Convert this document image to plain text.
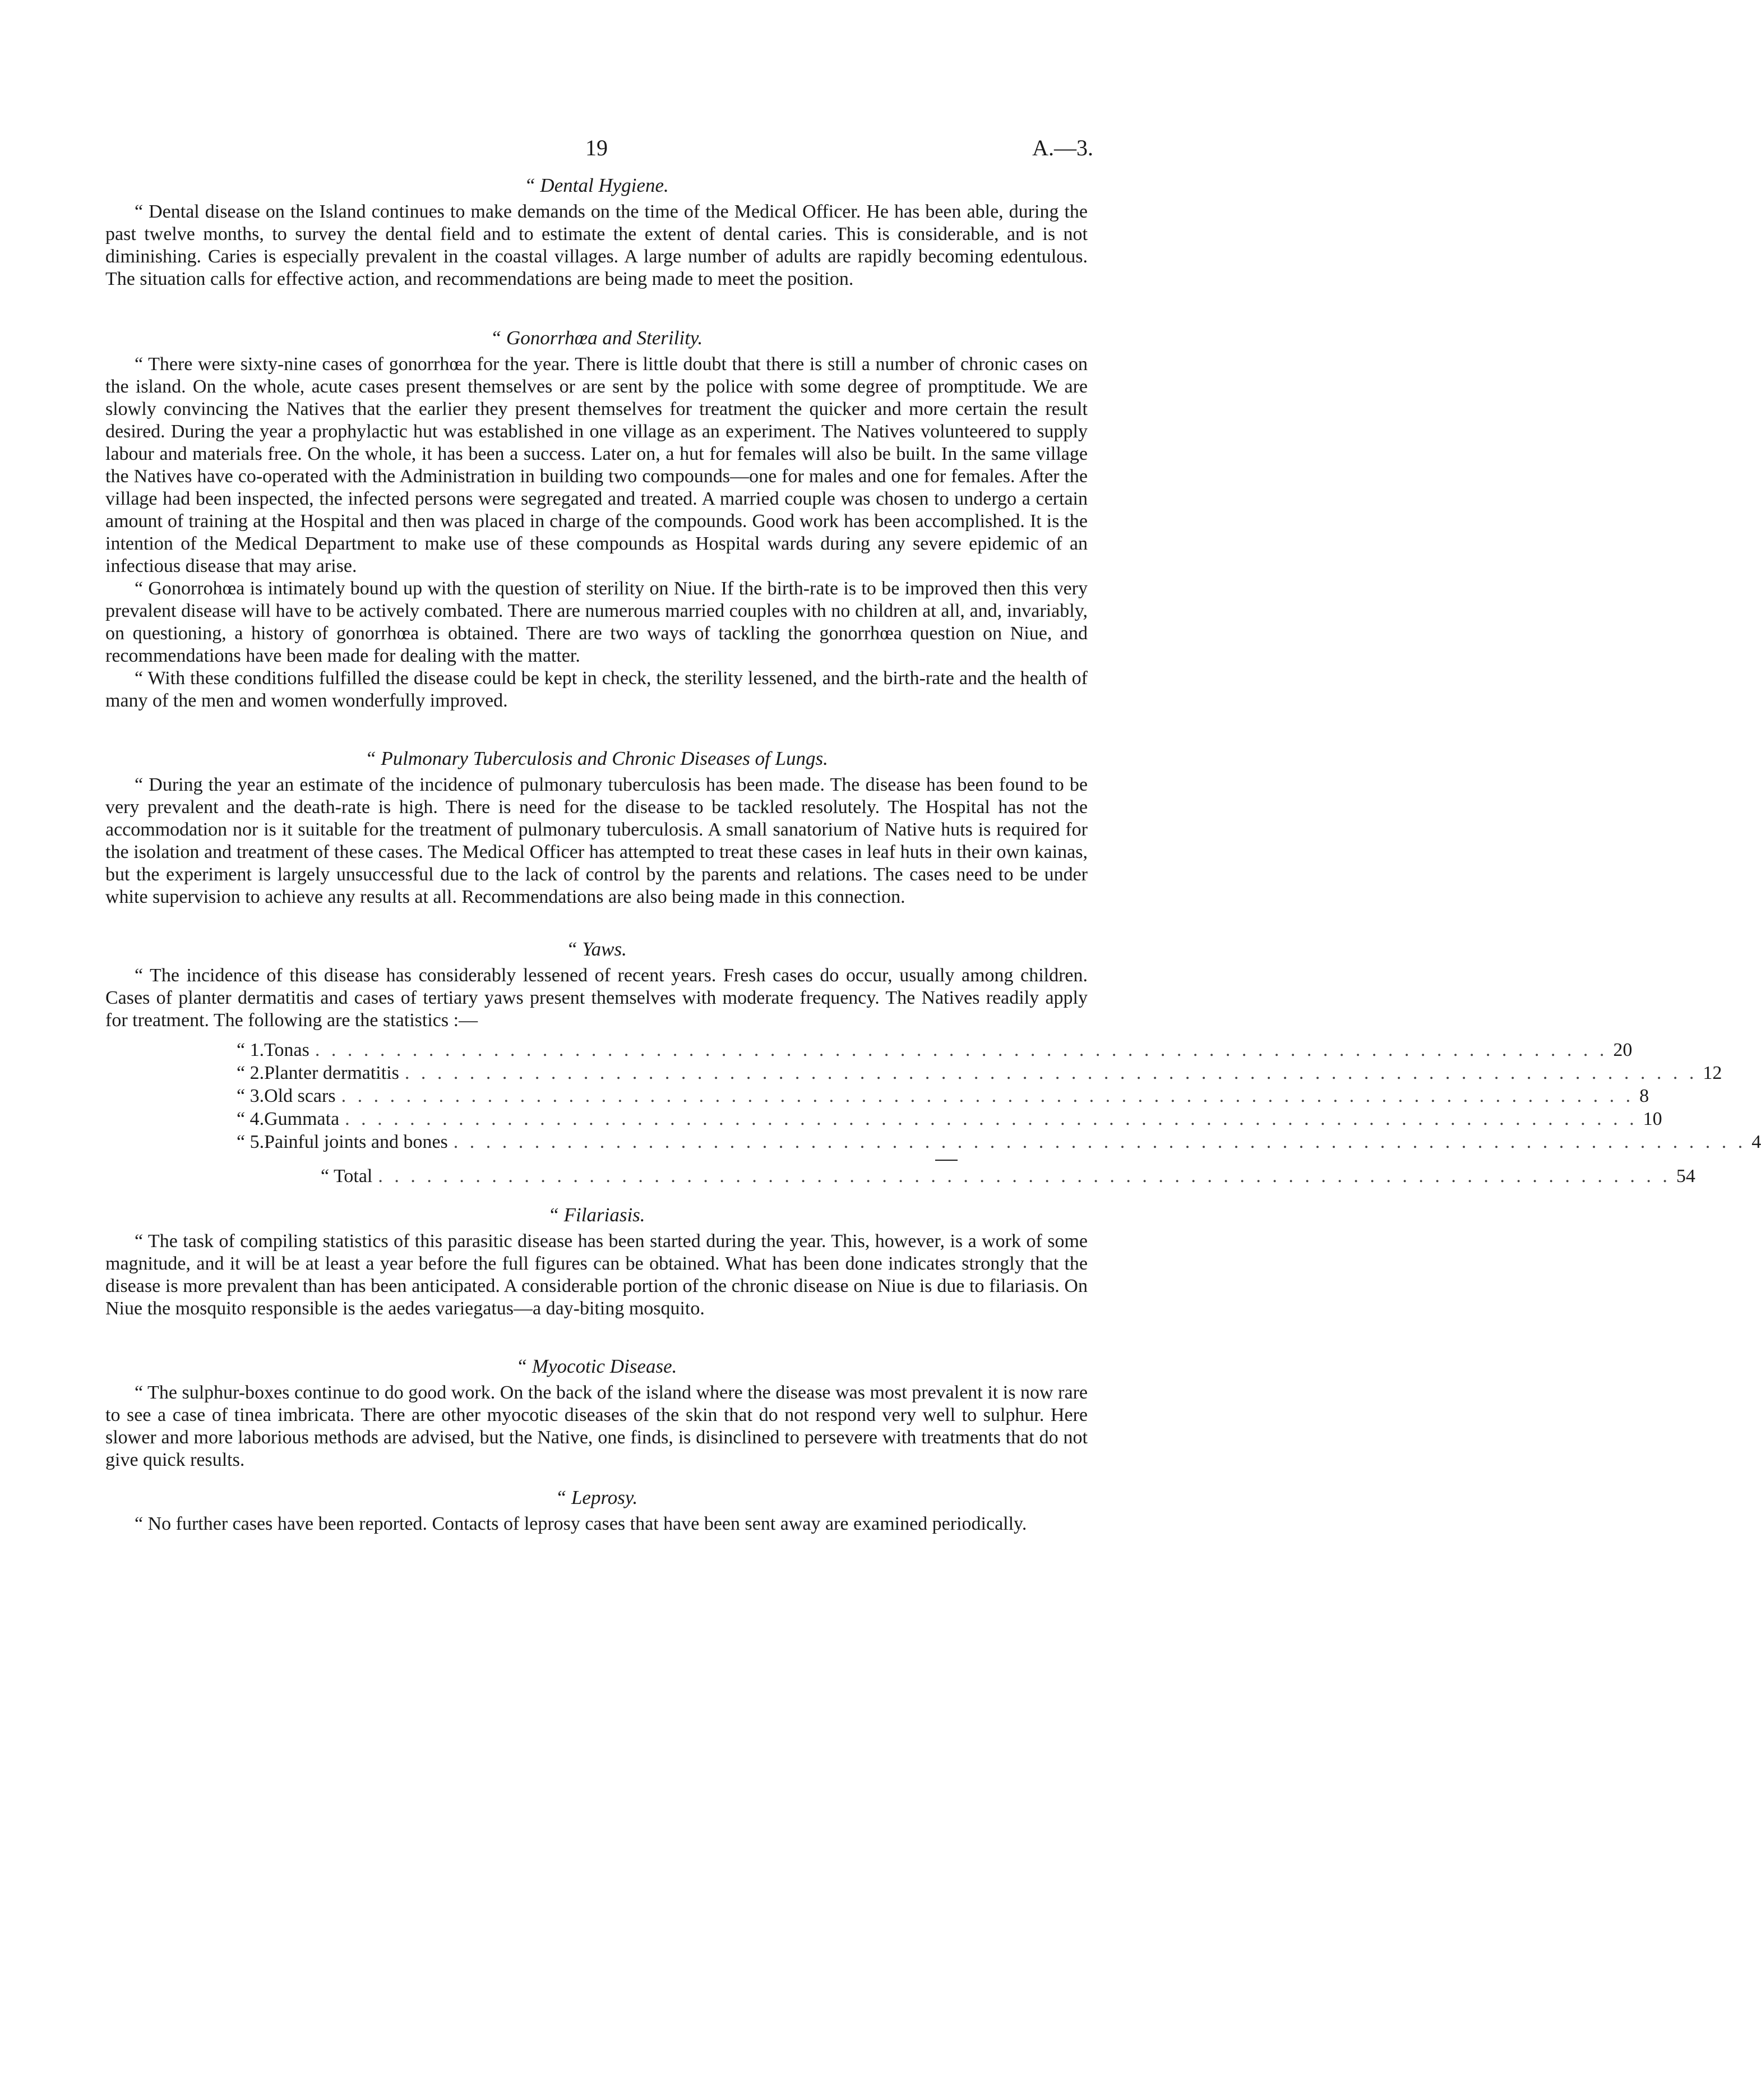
19	A.—3.
“ Dental Hygiene.

“ Dental disease on the Island continues to make demands on the time of the Medical Officer. He has been able, during the past twelve months, to survey the dental field and to estimate the extent of dental caries. This is considerable, and is not diminishing. Caries is especially prevalent in the coastal villages. A large number of adults are rapidly becoming edentulous. The situation calls for effective action, and recommendations are being made to meet the position.

“ Gonorrhœa and Sterility.

“ There were sixty-nine cases of gonorrhœa for the year. There is little doubt that there is still a number of chronic cases on the island. On the whole, acute cases present themselves or are sent by the police with some degree of promptitude. We are slowly convincing the Natives that the earlier they present themselves for treatment the quicker and more certain the result desired. During the year a prophylactic hut was established in one village as an experiment. The Natives volunteered to supply labour and materials free. On the whole, it has been a success. Later on, a hut for females will also be built. In the same village the Natives have co-operated with the Administration in building two compounds—one for males and one for females. After the village had been inspected, the infected persons were segregated and treated. A married couple was chosen to undergo a certain amount of training at the Hospital and then was placed in charge of the compounds. Good work has been accomplished. It is the intention of the Medical Department to make use of these compounds as Hospital wards during any severe epidemic of an infectious disease that may arise.

“ Gonorrohœa is intimately bound up with the question of sterility on Niue. If the birth-rate is to be improved then this very prevalent disease will have to be actively combated. There are numerous married couples with no children at all, and, invariably, on questioning, a history of gonorrhœa is obtained. There are two ways of tackling the gonorrhœa question on Niue, and recommendations have been made for dealing with the matter.

“ With these conditions fulfilled the disease could be kept in check, the sterility lessened, and the birth-rate and the health of many of the men and women wonderfully improved.

“ Pulmonary Tuberculosis and Chronic Diseases of Lungs.

“ During the year an estimate of the incidence of pulmonary tuberculosis has been made. The disease has been found to be very prevalent and the death-rate is high. There is need for the disease to be tackled resolutely. The Hospital has not the accommodation nor is it suitable for the treatment of pulmonary tuberculosis. A small sanatorium of Native huts is required for the isolation and treatment of these cases. The Medical Officer has attempted to treat these cases in leaf huts in their own kainas, but the experiment is largely unsuccessful due to the lack of control by the parents and relations. The cases need to be under white supervision to achieve any results at all. Recommendations are also being made in this connection.

“ Yaws.

“ The incidence of this disease has considerably lessened of recent years. Fresh cases do occur, usually among children. Cases of planter dermatitis and cases of tertiary yaws present themselves with moderate frequency. The Natives readily apply for treatment. The following are the statistics :—

“ 1. Tonas . . . . . . . . . . . . . . . . . . . . . . . . . . . . . . . . . . . . . . . . . . . . . . . . . . . . . . . . . . . . . . . . . . . . . . . . . . . . . . . . 20
“ 2. Planter dermatitis . . . . . . . . . . . . . . . . . . . . . . . . . . . . . . . . . . . . . . . . . . . . . . . . . . . . . . . . . . . . . . . . . . . . . . . . . . . . . . . . 12
“ 3. Old scars . . . . . . . . . . . . . . . . . . . . . . . . . . . . . . . . . . . . . . . . . . . . . . . . . . . . . . . . . . . . . . . . . . . . . . . . . . . . . . . . 8
“ 4. Gummata . . . . . . . . . . . . . . . . . . . . . . . . . . . . . . . . . . . . . . . . . . . . . . . . . . . . . . . . . . . . . . . . . . . . . . . . . . . . . . . . 10
“ 5. Painful joints and bones . . . . . . . . . . . . . . . . . . . . . . . . . . . . . . . . . . . . . . . . . . . . . . . . . . . . . . . . . . . . . . . . . . . . . . . . . . . . . . . . 4
“ Total . . . . . . . . . . . . . . . . . . . . . . . . . . . . . . . . . . . . . . . . . . . . . . . . . . . . . . . . . . . . . . . . . . . . . . . . . . . . . . . . 54
“ Filariasis.

“ The task of compiling statistics of this parasitic disease has been started during the year. This, however, is a work of some magnitude, and it will be at least a year before the full figures can be obtained. What has been done indicates strongly that the disease is more prevalent than has been anticipated. A considerable portion of the chronic disease on Niue is due to filariasis. On Niue the mosquito responsible is the aedes variegatus—a day-biting mosquito.

“ Myocotic Disease.

“ The sulphur-boxes continue to do good work. On the back of the island where the disease was most prevalent it is now rare to see a case of tinea imbricata. There are other myocotic diseases of the skin that do not respond very well to sulphur. Here slower and more laborious methods are advised, but the Native, one finds, is disinclined to persevere with treatments that do not give quick results.

“ Leprosy.

“ No further cases have been reported. Contacts of leprosy cases that have been sent away are examined periodically.
